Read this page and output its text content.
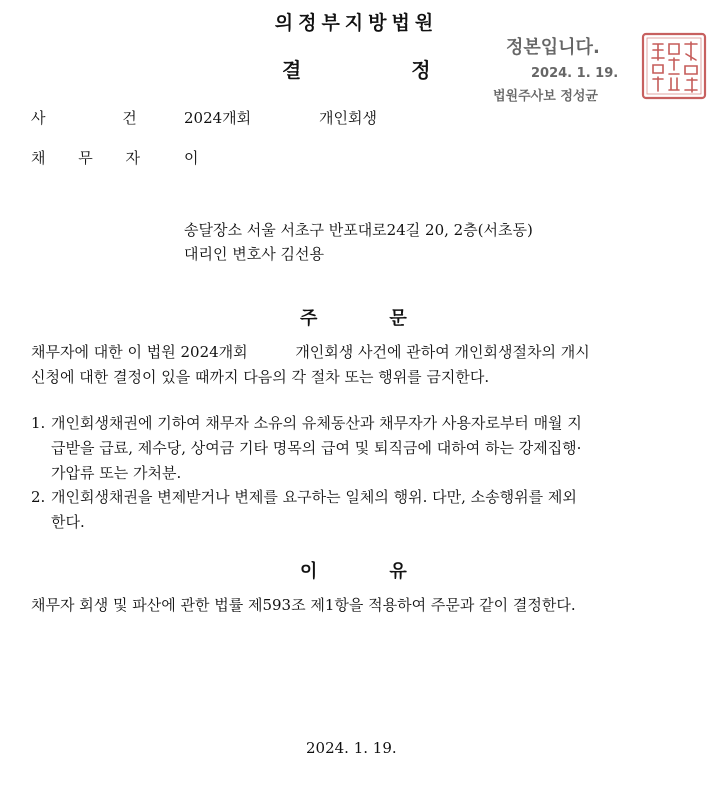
의정부지방법원
결	정
정본입니다.
2024. 1. 19.
법원주사보 정성균
사 건 2024개회	개인회생
채 무 자 이
송달장소 서울 서초구 반포대로24길 20, 2층(서초동)
대리인 변호사 김선용
주	문
채무자에 대한 이 법원 2024개회          개인회생 사건에 관하여 개인회생절차의 개시
신청에 대한 결정이 있을 때까지 다음의 각 절차 또는 행위를 금지한다.
1. 개인회생채권에 기하여 채무자 소유의 유체동산과 채무자가 사용자로부터 매월 지
급받을 급료, 제수당, 상여금 기타 명목의 급여 및 퇴직금에 대하여 하는 강제집행·
가압류 또는 가처분.
2. 개인회생채권을 변제받거나 변제를 요구하는 일체의 행위. 다만, 소송행위를 제외
한다.
이	유
채무자 회생 및 파산에 관한 법률 제593조 제1항을 적용하여 주문과 같이 결정한다.
2024. 1. 19.
